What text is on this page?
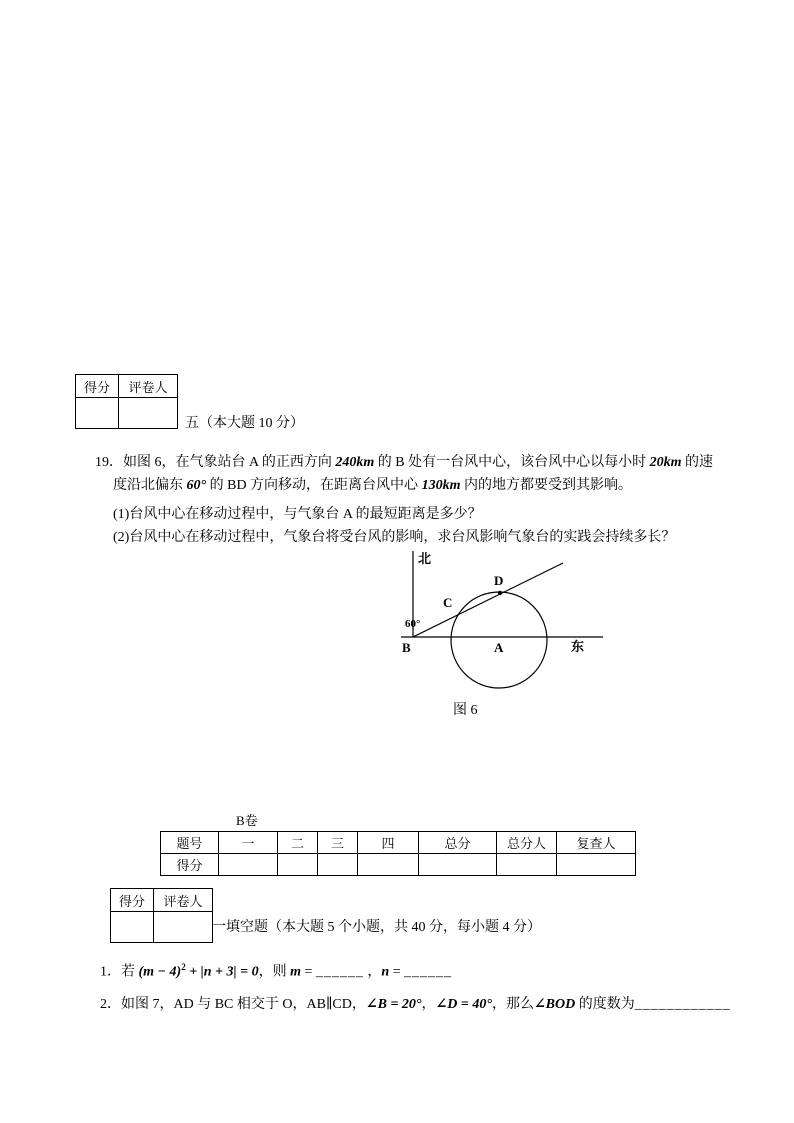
得分	评卷人

五（本大题 10 分）
19．如图 6，在气象站台 A 的正西方向 240km 的 B 处有一台风中心，该台风中心以每小时 20km 的速
度沿北偏东 60° 的 BD 方向移动，在距离台风中心 130km 内的地方都要受到其影响。
(1)台风中心在移动过程中，与气象台 A 的最短距离是多少？
(2)台风中心在移动过程中，气象台将受台风的影响，求台风影响气象台的实践会持续多长？
北
东
B	A
C
D
60°
图 6
B卷
题号	一	二	三	四	总分	总分人	复查人
得分							
得分	评卷人

一填空题（本大题 5 个小题，共 40 分，每小题 4 分）
1．若 $(m - 4)^2 + |n + 3| = 0$，则 m = ______ ，n = ______
2．如图 7，AD 与 BC 相交于 O，AB∥CD，∠B = 20°，∠D = 40°，那么∠BOD 的度数为____________
